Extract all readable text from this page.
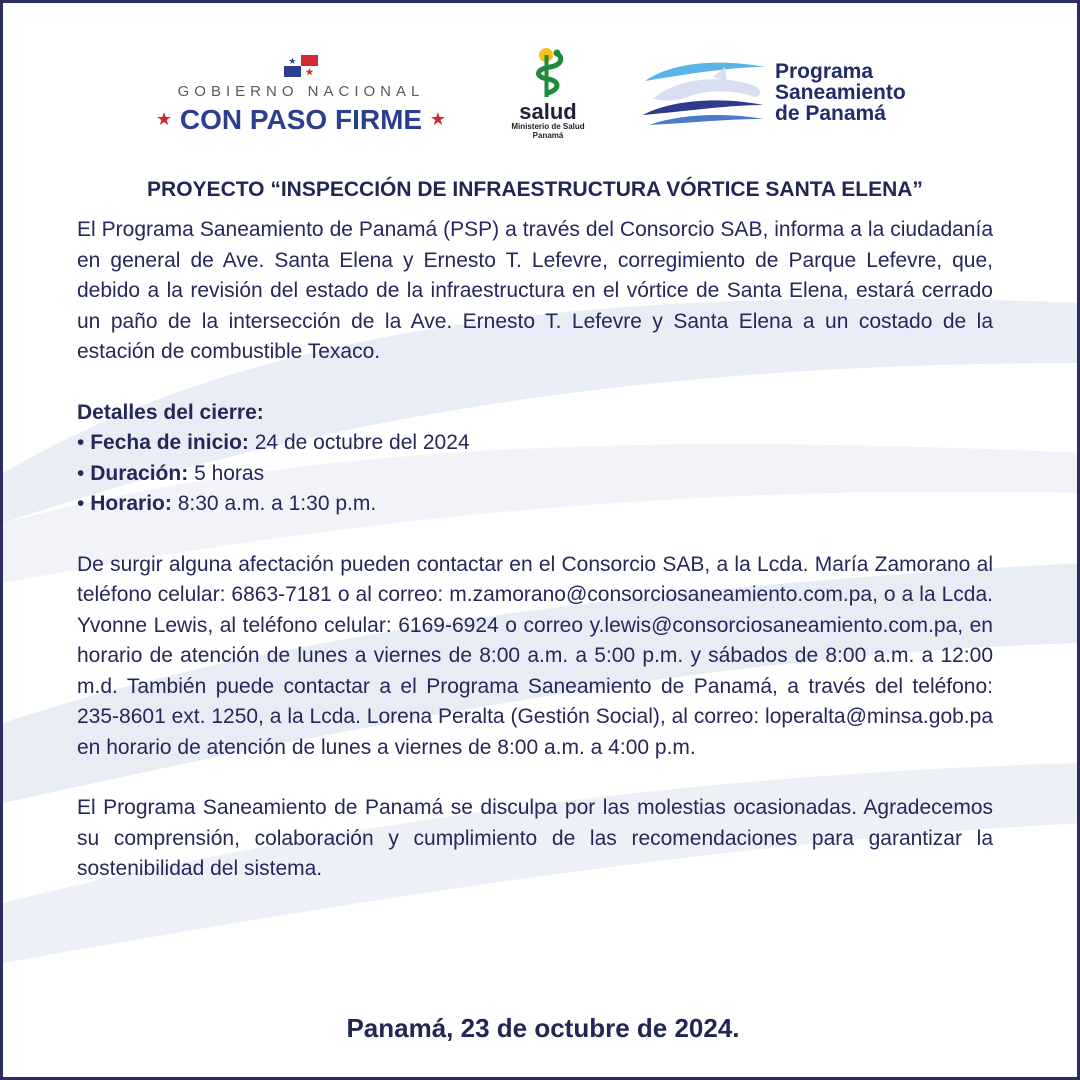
GOBIERNO NACIONAL
★ CON PASO FIRME ★	salud
Ministerio de Salud
Panamá
Programa
Saneamiento
de Panamá
PROYECTO “INSPECCIÓN DE INFRAESTRUCTURA VÓRTICE SANTA ELENA”

El Programa Saneamiento de Panamá (PSP) a través del Consorcio SAB, informa a la ciudadanía en general de Ave. Santa Elena y Ernesto T. Lefevre, corregimiento de Parque Lefevre, que, debido a la revisión del estado de la infraestructura en el vórtice de Santa Elena, estará cerrado un paño de la intersección de la Ave. Ernesto T. Lefevre y Santa Elena a un costado de la estación de combustible Texaco.

Detalles del cierre:
• Fecha de inicio: 24 de octubre del 2024
• Duración: 5 horas
• Horario: 8:30 a.m. a 1:30 p.m.

De surgir alguna afectación pueden contactar en el Consorcio SAB, a la Lcda. María Zamorano al teléfono celular: 6863-7181 o al correo: m.zamorano@consorciosaneamiento.com.pa, o a la Lcda. Yvonne Lewis, al teléfono celular: 6169-6924 o correo y.lewis@consorciosaneamiento.com.pa, en horario de atención de lunes a viernes de 8:00 a.m. a 5:00 p.m. y sábados de 8:00 a.m. a 12:00 m.d. También puede contactar a el Programa Saneamiento de Panamá, a través del teléfono: 235-8601 ext. 1250, a la Lcda. Lorena Peralta (Gestión Social), al correo: loperalta@minsa.gob.pa en horario de atención de lunes a viernes de 8:00 a.m. a 4:00 p.m.

El Programa Saneamiento de Panamá se disculpa por las molestias ocasionadas. Agradecemos su comprensión, colaboración y cumplimiento de las recomendaciones para garantizar la sostenibilidad del sistema.

Panamá, 23 de octubre de 2024.
